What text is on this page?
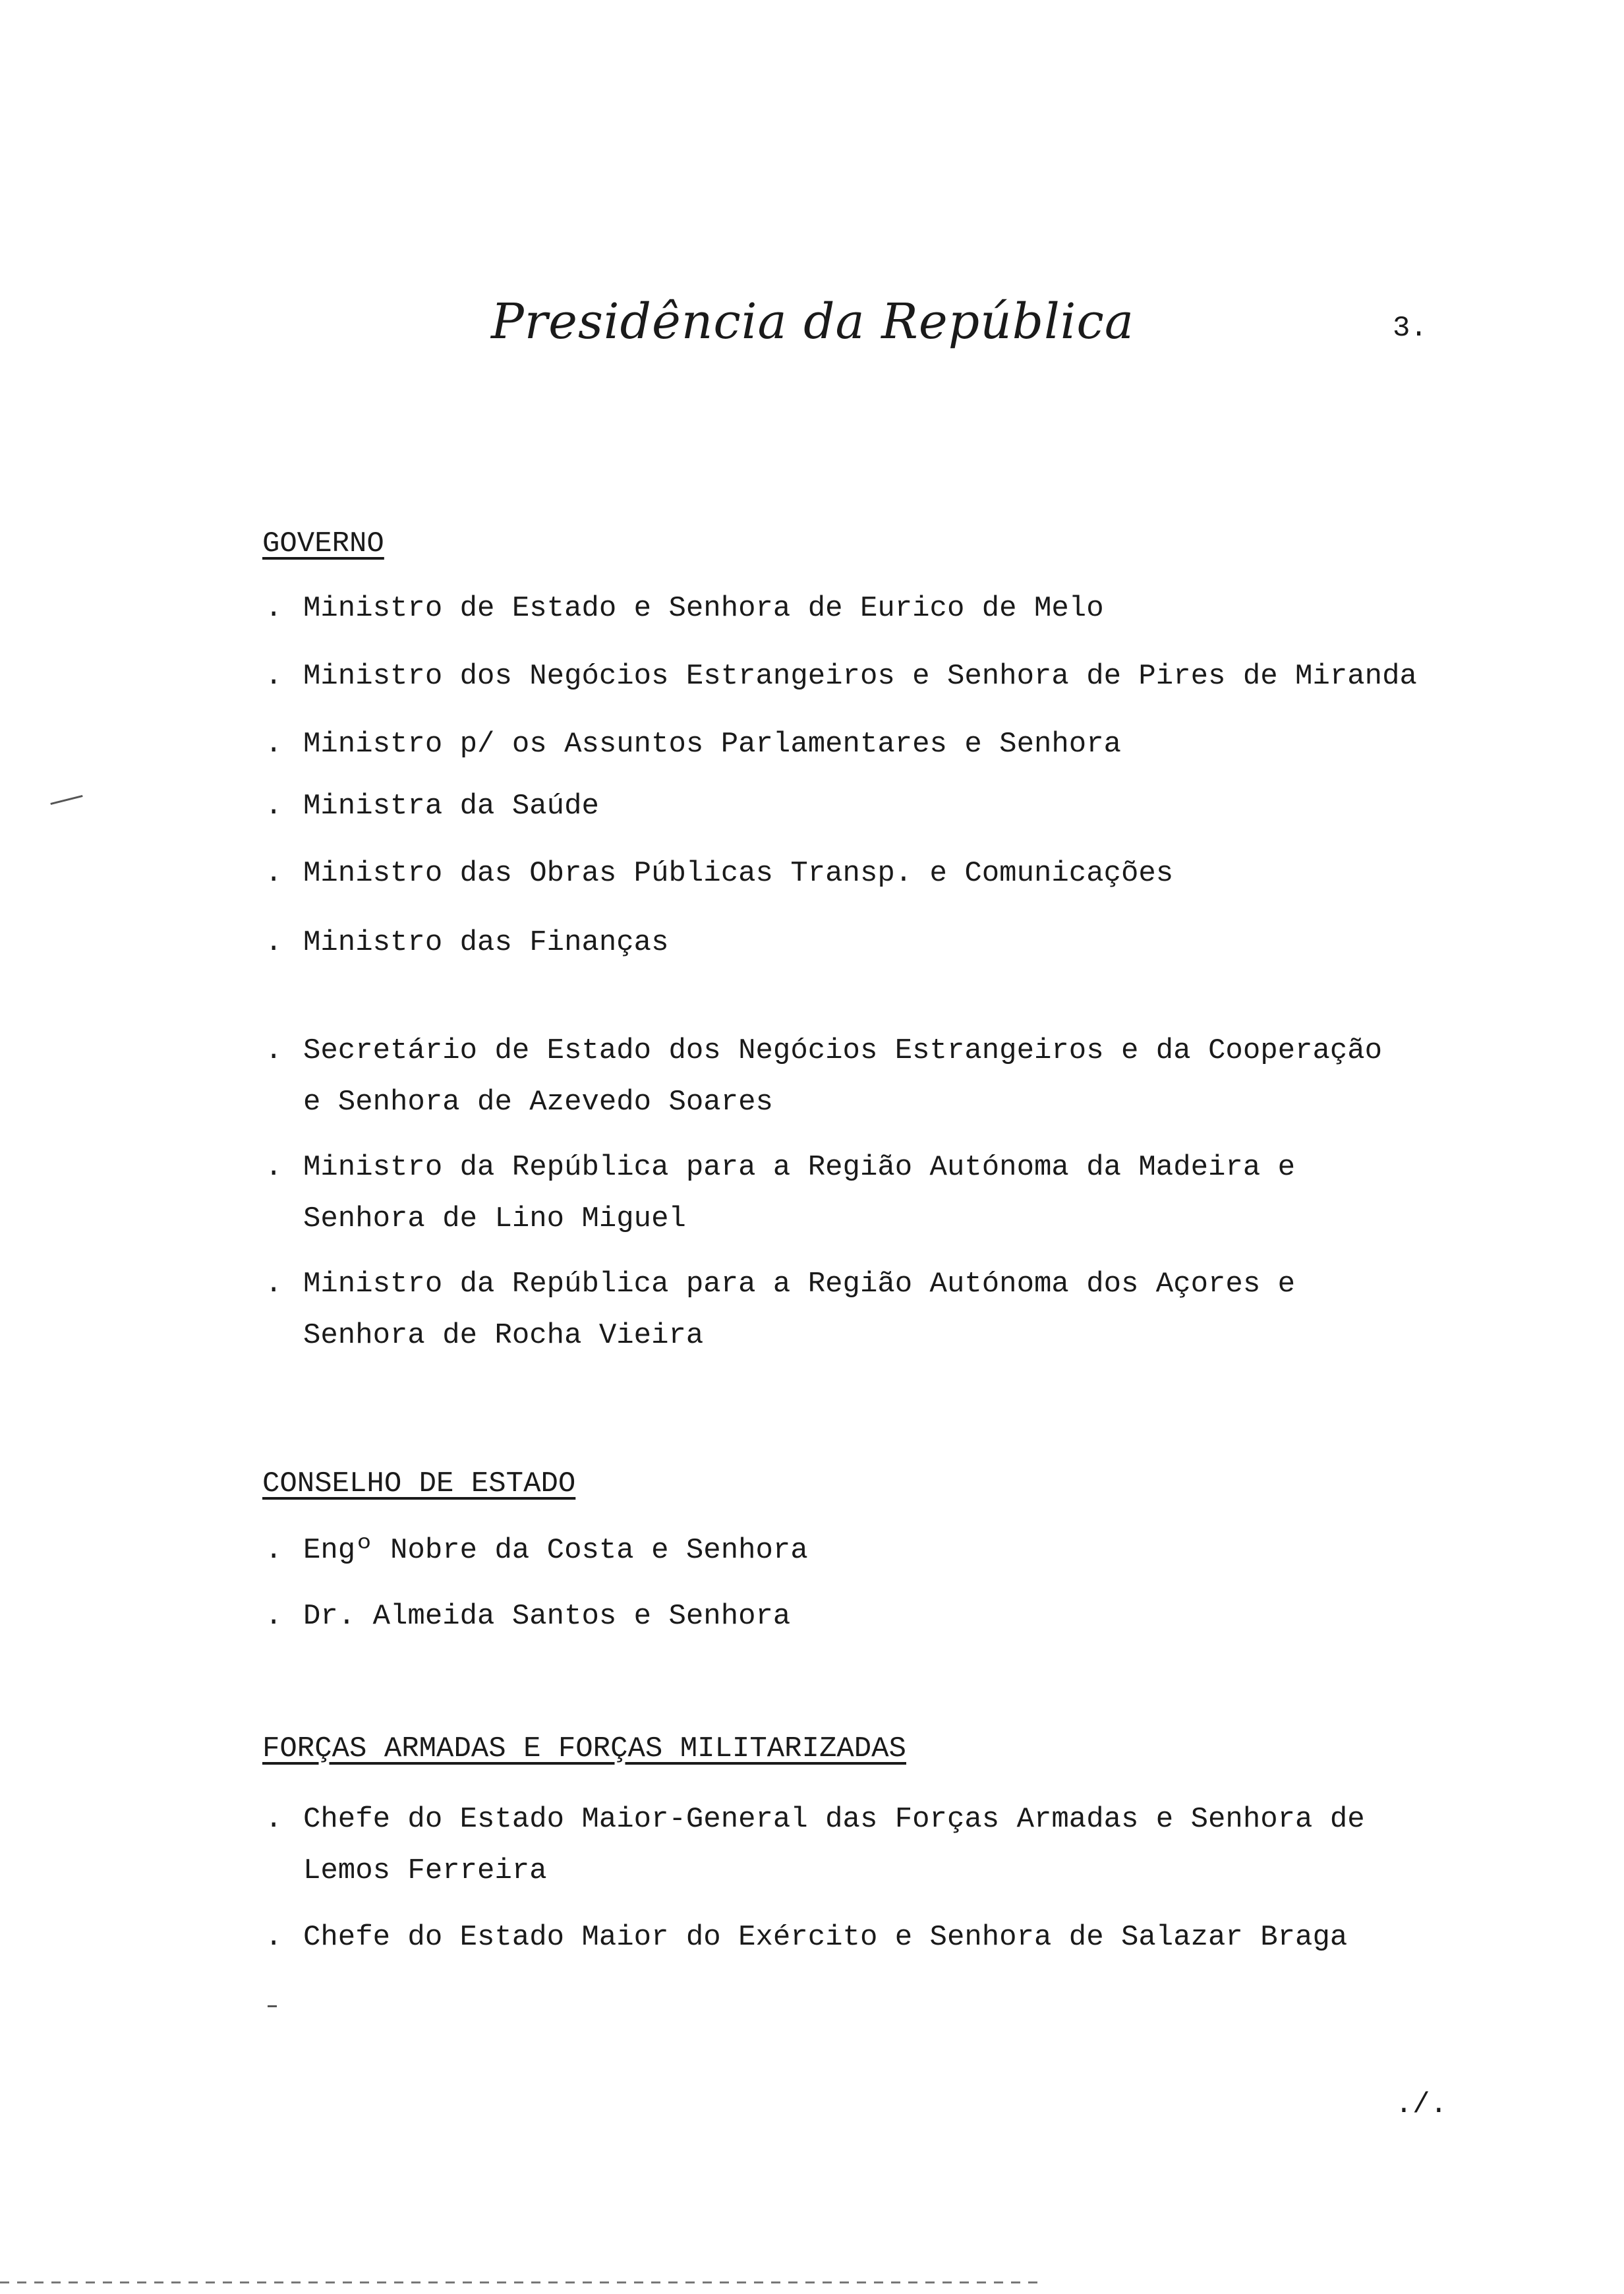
Presidência da República	3.
GOVERNO
. Ministro de Estado e Senhora de Eurico de Melo
. Ministro dos Negócios Estrangeiros e Senhora de Pires de Miranda
. Ministro p/ os Assuntos Parlamentares e Senhora
. Ministra da Saúde
. Ministro das Obras Públicas Transp. e Comunicações
. Ministro das Finanças
. Secretário de Estado dos Negócios Estrangeiros e da Cooperação
e Senhora de Azevedo Soares
. Ministro da República para a Região Autónoma da Madeira e
Senhora de Lino Miguel
. Ministro da República para a Região Autónoma dos Açores e
Senhora de Rocha Vieira
CONSELHO DE ESTADO
. Engº Nobre da Costa e Senhora
. Dr. Almeida Santos e Senhora
FORÇAS ARMADAS E FORÇAS MILITARIZADAS
. Chefe do Estado Maior-General das Forças Armadas e Senhora de
Lemos Ferreira
. Chefe do Estado Maior do Exército e Senhora de Salazar Braga
./.
